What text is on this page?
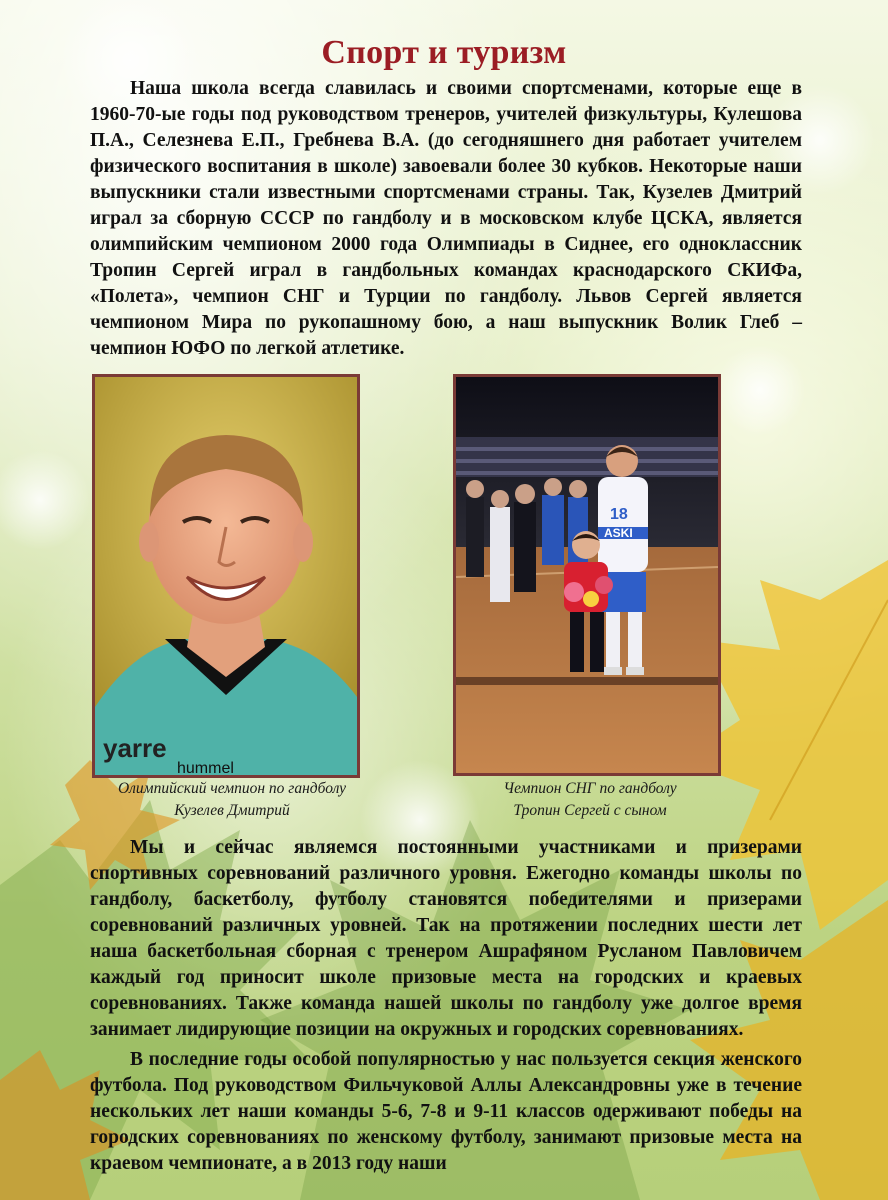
Спорт и туризм

Наша школа всегда славилась и своими спортсменами, которые еще в 1960-70-ые годы под руководством тренеров, учителей физкультуры, Кулешова П.А., Селезнева Е.П., Гребнева В.А. (до сегодняшнего дня работает учителем физического воспитания в школе) завоевали более 30 кубков. Некоторые наши выпускники стали известными спортсменами страны. Так, Кузелев Дмитрий играл за сборную СССР по гандболу и в московском клубе ЦСКА, является олимпийским чемпионом 2000 года Олимпиады в Сиднее, его одноклассник Тропин Сергей играл в гандбольных командах краснодарского СКИФа, «Полета», чемпион СНГ и Турции по гандболу. Львов Сергей является чемпионом Мира по рукопашному бою, а наш выпускник Волик Глеб – чемпион ЮФО по легкой атлетике.

yarre
hummel
18
ASKI
Олимпийский чемпион по гандболу
Кузелев Дмитрий
Чемпион СНГ по гандболу
Тропин Сергей с сыном

Мы и сейчас являемся постоянными участниками и призерами спортивных соревнований различного уровня. Ежегодно команды школы по гандболу, баскетболу, футболу становятся победителями и призерами соревнований различных уровней. Так на протяжении последних шести лет наша баскетбольная сборная с тренером Ашрафяном Русланом Павловичем каждый год приносит школе призовые места на городских и краевых соревнованиях. Также команда нашей школы по гандболу уже долгое время занимает лидирующие позиции на окружных и городских соревнованиях.

В последние годы особой популярностью у нас пользуется секция женского футбола. Под руководством Фильчуковой Аллы Александровны уже в течение нескольких лет наши команды 5-6, 7-8 и 9-11 классов одерживают победы на городских соревнованиях по женскому футболу, занимают призовые места на краевом чемпионате, а в 2013 году наши
